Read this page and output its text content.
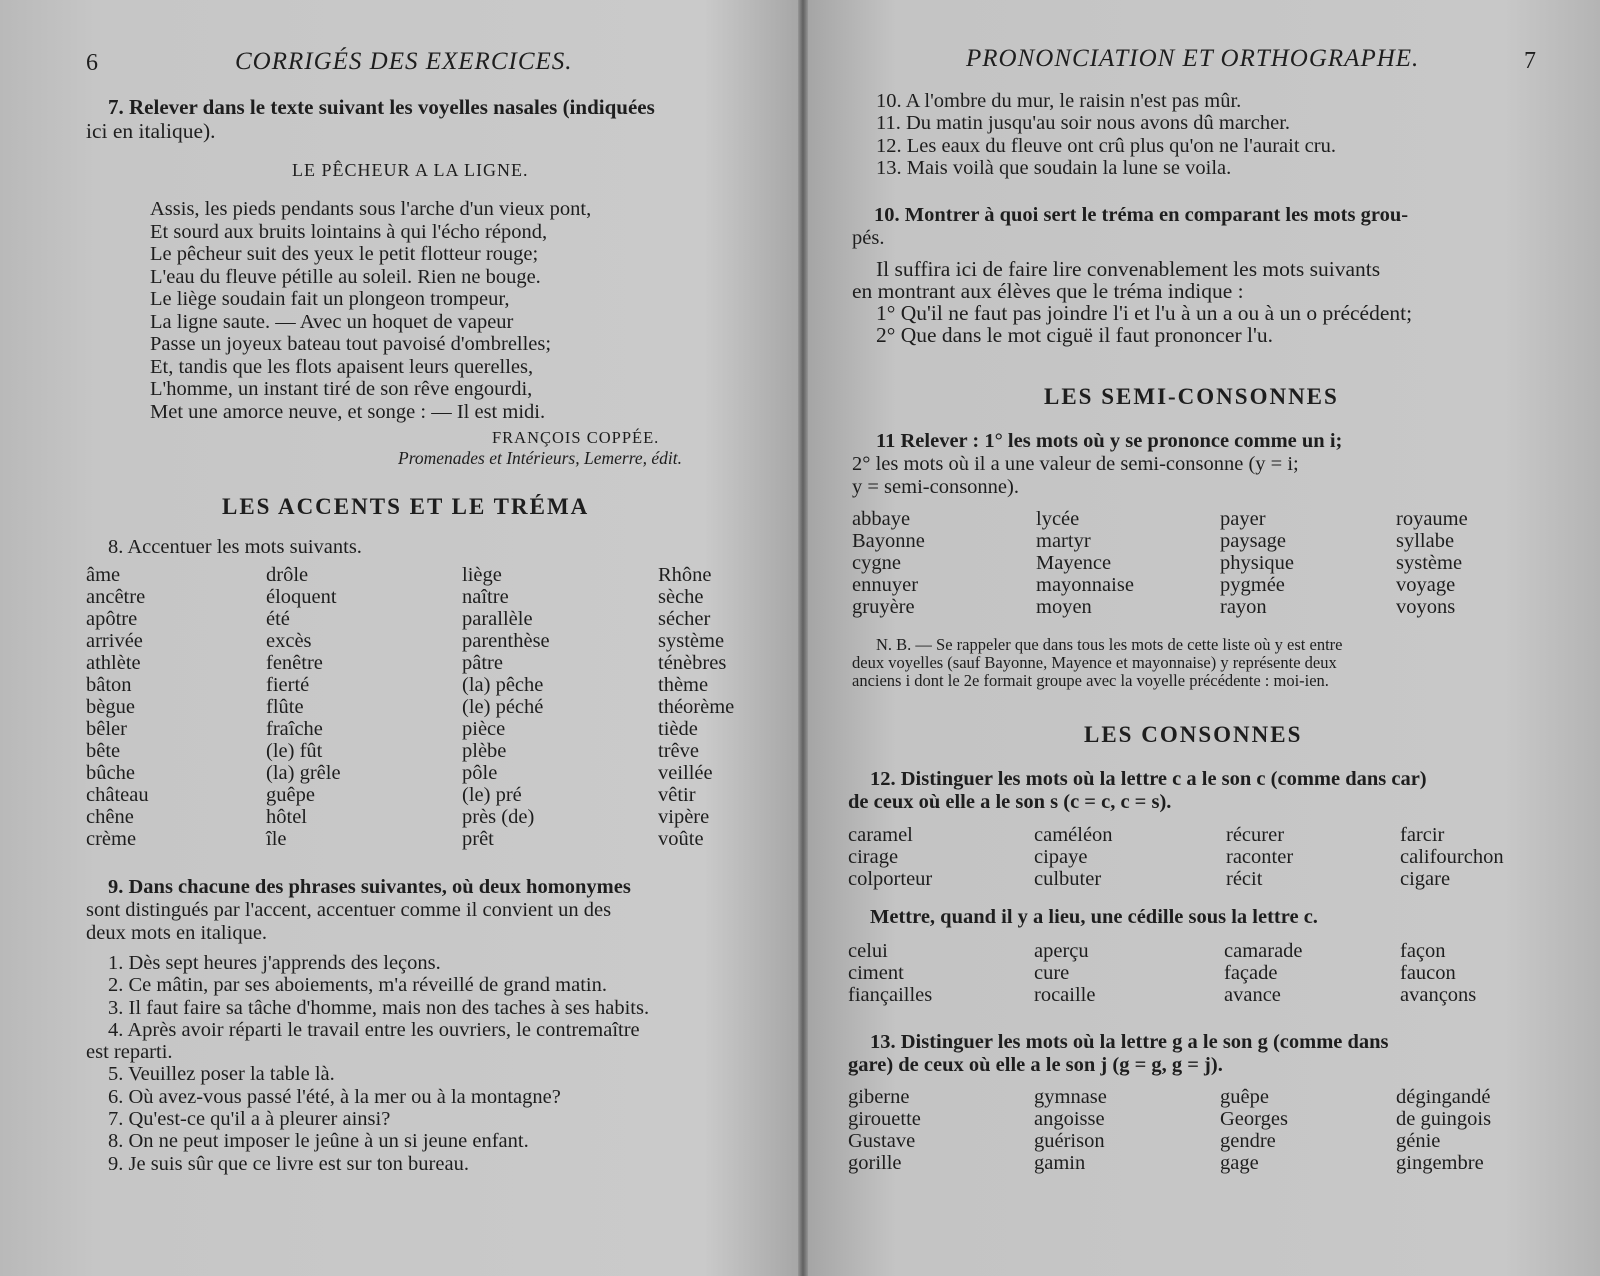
6	CORRIGÉS DES EXERCICES.
7. Relever dans le texte suivant les voyelles nasales (indiquées
ici en italique).
LE PÊCHEUR A LA LIGNE.
Assis, les pieds pendants sous l'arche d'un vieux pont,
Et sourd aux bruits lointains à qui l'écho répond,
Le pêcheur suit des yeux le petit flotteur rouge;
L'eau du fleuve pétille au soleil. Rien ne bouge.
Le liège soudain fait un plongeon trompeur,
La ligne saute. — Avec un hoquet de vapeur
Passe un joyeux bateau tout pavoisé d'ombrelles;
Et, tandis que les flots apaisent leurs querelles,
L'homme, un instant tiré de son rêve engourdi,
Met une amorce neuve, et songe : — Il est midi.
FRANÇOIS COPPÉE.
Promenades et Intérieurs, Lemerre, édit.
LES ACCENTS ET LE TRÉMA
8. Accentuer les mots suivants.
âme
ancêtre
apôtre
arrivée
athlète
bâton
bègue
bêler
bête
bûche
château
chêne
crème
drôle
éloquent
été
excès
fenêtre
fierté
flûte
fraîche
(le) fût
(la) grêle
guêpe
hôtel
île
liège
naître
parallèle
parenthèse
pâtre
(la) pêche
(le) péché
pièce
plèbe
pôle
(le) pré
près (de)
prêt
Rhône
sèche
sécher
système
ténèbres
thème
théorème
tiède
trêve
veillée
vêtir
vipère
voûte
9. Dans chacune des phrases suivantes, où deux homonymes
sont distingués par l'accent, accentuer comme il convient un des
deux mots en italique.
1. Dès sept heures j'apprends des leçons.
2. Ce mâtin, par ses aboiements, m'a réveillé de grand matin.
3. Il faut faire sa tâche d'homme, mais non des taches à ses habits.
4. Après avoir réparti le travail entre les ouvriers, le contremaître
est reparti.
5. Veuillez poser la table là.
6. Où avez-vous passé l'été, à la mer ou à la montagne?
7. Qu'est-ce qu'il a à pleurer ainsi?
8. On ne peut imposer le jeûne à un si jeune enfant.
9. Je suis sûr que ce livre est sur ton bureau.
PRONONCIATION ET ORTHOGRAPHE.	7
10. A l'ombre du mur, le raisin n'est pas mûr.
11. Du matin jusqu'au soir nous avons dû marcher.
12. Les eaux du fleuve ont crû plus qu'on ne l'aurait cru.
13. Mais voilà que soudain la lune se voila.
10. Montrer à quoi sert le tréma en comparant les mots grou-
pés.
Il suffira ici de faire lire convenablement les mots suivants
en montrant aux élèves que le tréma indique :
1° Qu'il ne faut pas joindre l'i et l'u à un a ou à un o précédent;
2° Que dans le mot ciguë il faut prononcer l'u.
LES SEMI-CONSONNES
11 Relever : 1° les mots où y se prononce comme un i;
2° les mots où il a une valeur de semi-consonne (y = i;
y = semi-consonne).
abbaye
Bayonne
cygne
ennuyer
gruyère
lycée
martyr
Mayence
mayonnaise
moyen
payer
paysage
physique
pygmée
rayon
royaume
syllabe
système
voyage
voyons
N. B. — Se rappeler que dans tous les mots de cette liste où y est entre
deux voyelles (sauf Bayonne, Mayence et mayonnaise) y représente deux
anciens i dont le 2e formait groupe avec la voyelle précédente : moi-ien.
LES CONSONNES
12. Distinguer les mots où la lettre c a le son c (comme dans car)
de ceux où elle a le son s (c = c, c = s).
caramel
cirage
colporteur
caméléon
cipaye
culbuter
récurer
raconter
récit
farcir
califourchon
cigare
Mettre, quand il y a lieu, une cédille sous la lettre c.
celui
ciment
fiançailles
aperçu
cure
rocaille
camarade
façade
avance
façon
faucon
avançons
13. Distinguer les mots où la lettre g a le son g (comme dans
gare) de ceux où elle a le son j (g = g, g = j).
giberne
girouette
Gustave
gorille
gymnase
angoisse
guérison
gamin
guêpe
Georges
gendre
gage
dégingandé
de guingois
génie
gingembre
